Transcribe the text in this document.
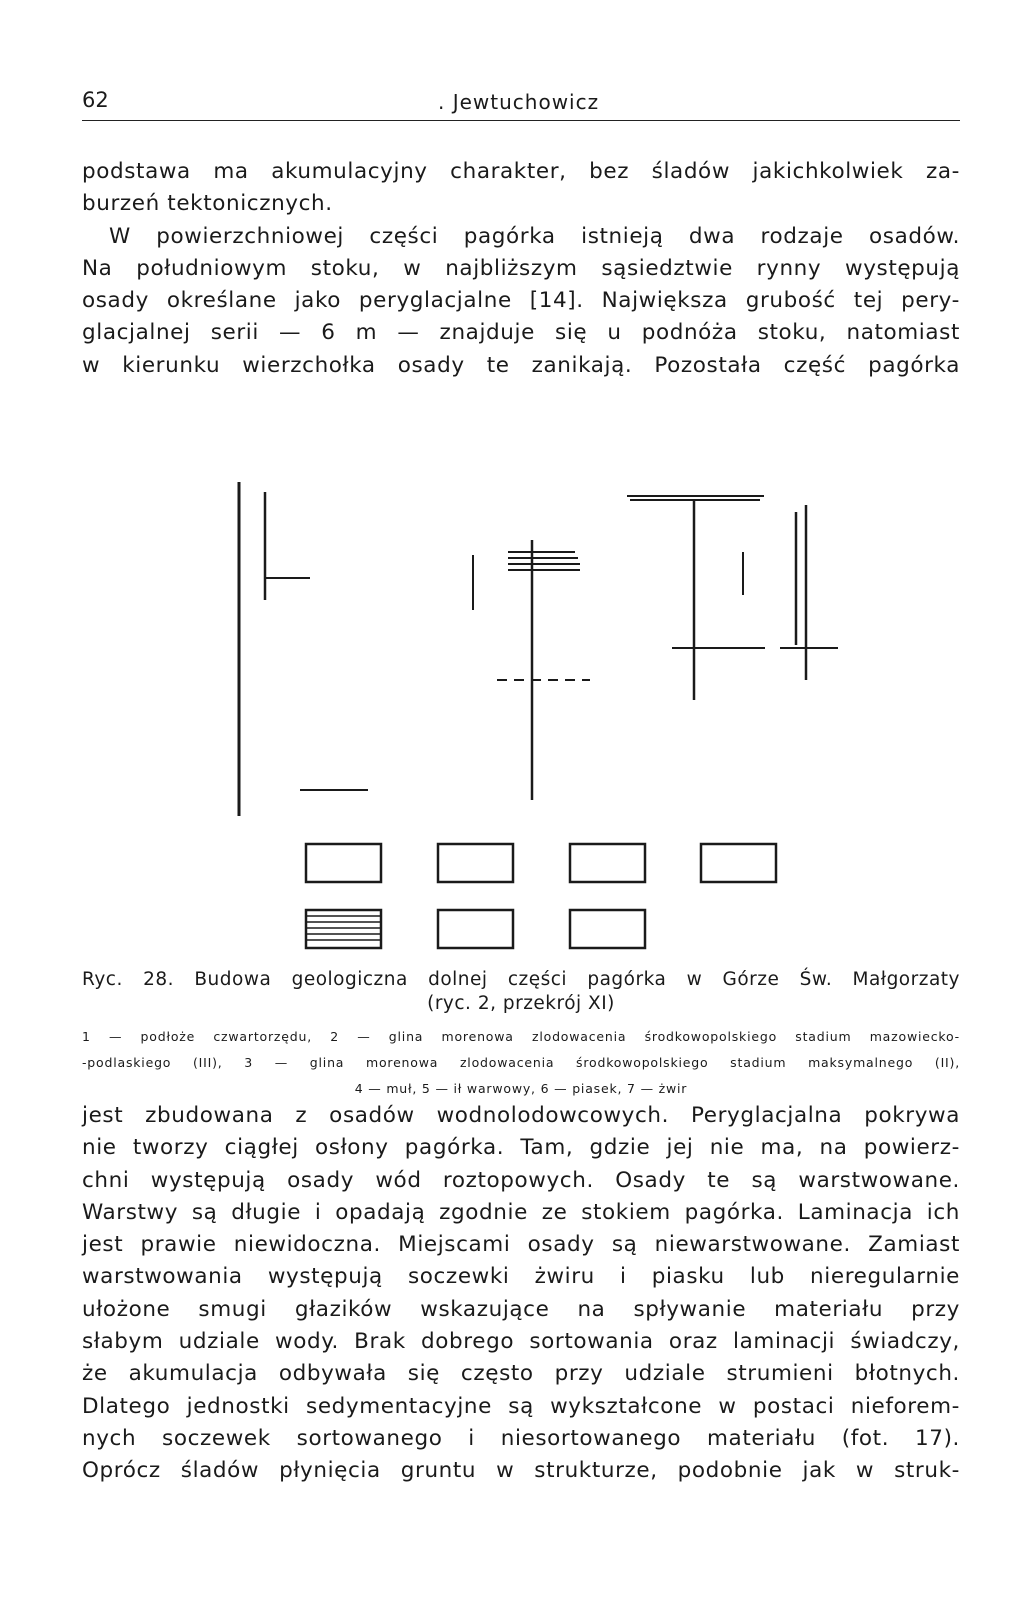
62	. Jewtuchowicz
podstawa ma akumulacyjny charakter, bez śladów jakichkolwiek za-
burzeń tektonicznych.
W powierzchniowej części pagórka istnieją dwa rodzaje osadów.
Na południowym stoku, w najbliższym sąsiedztwie rynny występują
osady określane jako peryglacjalne [14]. Największa grubość tej pery-
glacjalnej serii — 6 m — znajduje się u podnóża stoku, natomiast
w kierunku wierzchołka osady te zanikają. Pozostała część pagórka
Ryc. 28. Budowa geologiczna dolnej części pagórka w Górze Św. Małgorzaty
(ryc. 2, przekrój XI)
1 — podłoże czwartorzędu, 2 — glina morenowa zlodowacenia środkowopolskiego stadium mazowiecko-
-podlaskiego (III), 3 — glina morenowa zlodowacenia środkowopolskiego stadium maksymalnego (II),
4 — muł, 5 — ił warwowy, 6 — piasek, 7 — żwir
jest zbudowana z osadów wodnolodowcowych. Peryglacjalna pokrywa
nie tworzy ciągłej osłony pagórka. Tam, gdzie jej nie ma, na powierz-
chni występują osady wód roztopowych. Osady te są warstwowane.
Warstwy są długie i opadają zgodnie ze stokiem pagórka. Laminacja ich
jest prawie niewidoczna. Miejscami osady są niewarstwowane. Zamiast
warstwowania występują soczewki żwiru i piasku lub nieregularnie
ułożone smugi głazików wskazujące na spływanie materiału przy
słabym udziale wody. Brak dobrego sortowania oraz laminacji świadczy,
że akumulacja odbywała się często przy udziale strumieni błotnych.
Dlatego jednostki sedymentacyjne są wykształcone w postaci nieforem-
nych soczewek sortowanego i niesortowanego materiału (fot. 17).
Oprócz śladów płynięcia gruntu w strukturze, podobnie jak w struk-
